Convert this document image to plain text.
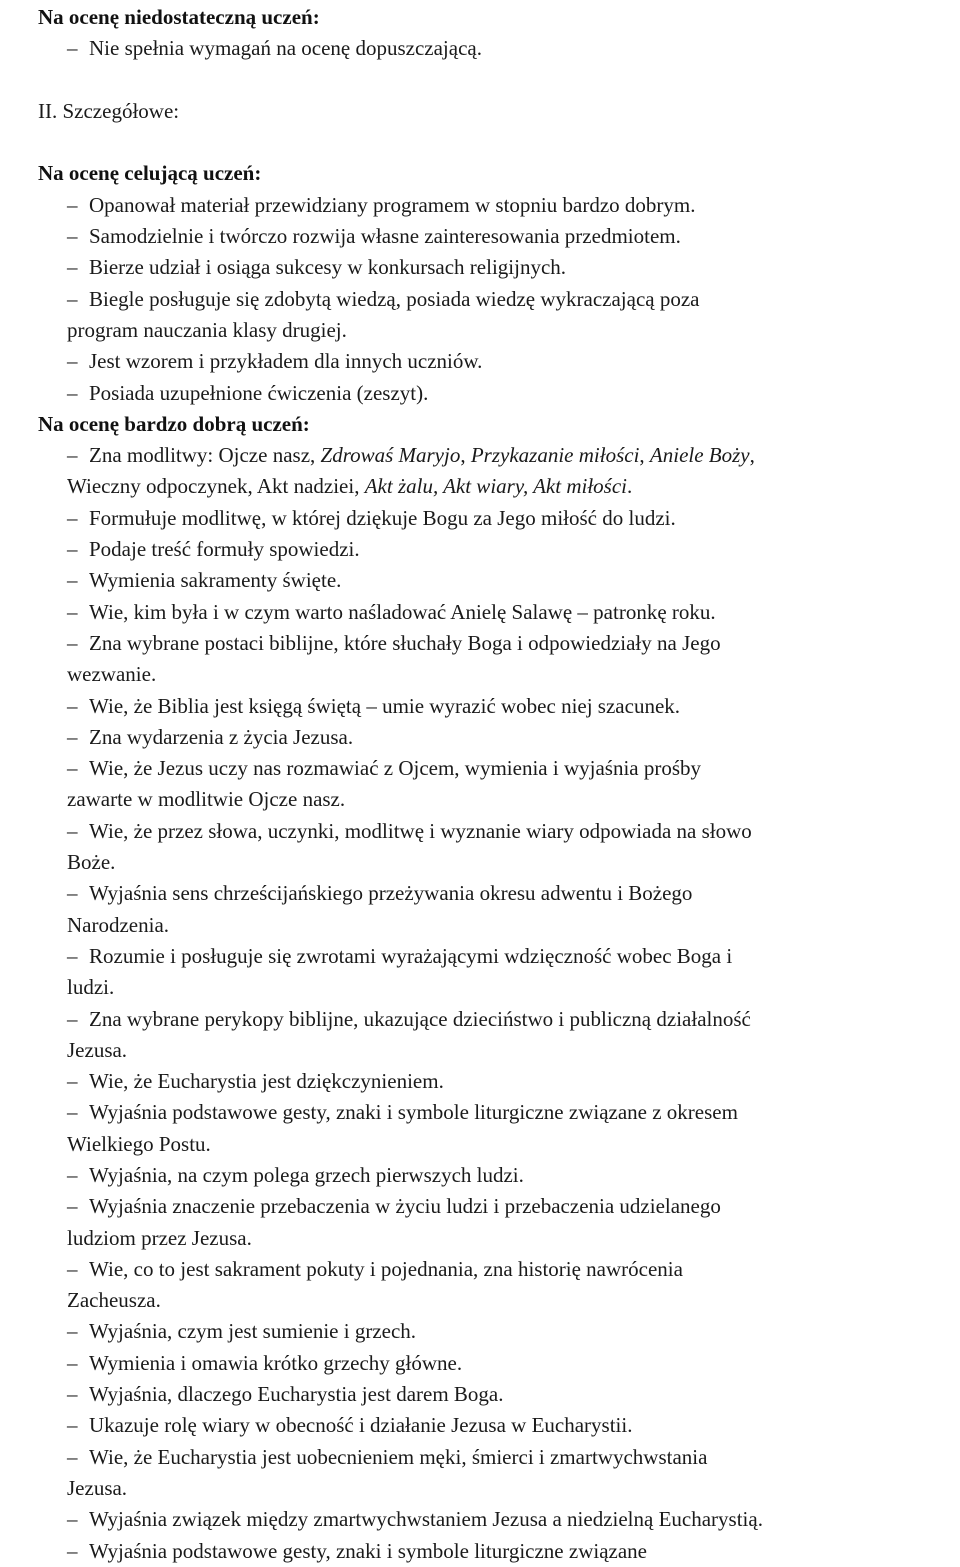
Na ocenę niedostateczną uczeń:
– Nie spełnia wymagań na ocenę dopuszczającą.
II. Szczegółowe:
Na ocenę celującą uczeń:
– Opanował materiał przewidziany programem w stopniu bardzo dobrym.
– Samodzielnie i twórczo rozwija własne zainteresowania przedmiotem.
– Bierze udział i osiąga sukcesy w konkursach religijnych.
– Biegle posługuje się zdobytą wiedzą, posiada wiedzę wykraczającą poza
program nauczania klasy drugiej.
– Jest wzorem i przykładem dla innych uczniów.
– Posiada uzupełnione ćwiczenia (zeszyt).
Na ocenę bardzo dobrą uczeń:
– Zna modlitwy: Ojcze nasz, Zdrowaś Maryjo, Przykazanie miłości, Aniele Boży,
Wieczny odpoczynek, Akt nadziei, Akt żalu, Akt wiary, Akt miłości.
– Formułuje modlitwę, w której dziękuje Bogu za Jego miłość do ludzi.
– Podaje treść formuły spowiedzi.
– Wymienia sakramenty święte.
– Wie, kim była i w czym warto naśladować Anielę Salawę – patronkę roku.
– Zna wybrane postaci biblijne, które słuchały Boga i odpowiedziały na Jego
wezwanie.
– Wie, że Biblia jest księgą świętą – umie wyrazić wobec niej szacunek.
– Zna wydarzenia z życia Jezusa.
– Wie, że Jezus uczy nas rozmawiać z Ojcem, wymienia i wyjaśnia prośby
zawarte w modlitwie Ojcze nasz.
– Wie, że przez słowa, uczynki, modlitwę i wyznanie wiary odpowiada na słowo
Boże.
– Wyjaśnia sens chrześcijańskiego przeżywania okresu adwentu i Bożego
Narodzenia.
– Rozumie i posługuje się zwrotami wyrażającymi wdzięczność wobec Boga i
ludzi.
– Zna wybrane perykopy biblijne, ukazujące dzieciństwo i publiczną działalność
Jezusa.
– Wie, że Eucharystia jest dziękczynieniem.
– Wyjaśnia podstawowe gesty, znaki i symbole liturgiczne związane z okresem
Wielkiego Postu.
– Wyjaśnia, na czym polega grzech pierwszych ludzi.
– Wyjaśnia znaczenie przebaczenia w życiu ludzi i przebaczenia udzielanego
ludziom przez Jezusa.
– Wie, co to jest sakrament pokuty i pojednania, zna historię nawrócenia
Zacheusza.
– Wyjaśnia, czym jest sumienie i grzech.
– Wymienia i omawia krótko grzechy główne.
– Wyjaśnia, dlaczego Eucharystia jest darem Boga.
– Ukazuje rolę wiary w obecność i działanie Jezusa w Eucharystii.
– Wie, że Eucharystia jest uobecnieniem męki, śmierci i zmartwychwstania
Jezusa.
– Wyjaśnia związek między zmartwychwstaniem Jezusa a niedzielną Eucharystią.
– Wyjaśnia podstawowe gesty, znaki i symbole liturgiczne związane
